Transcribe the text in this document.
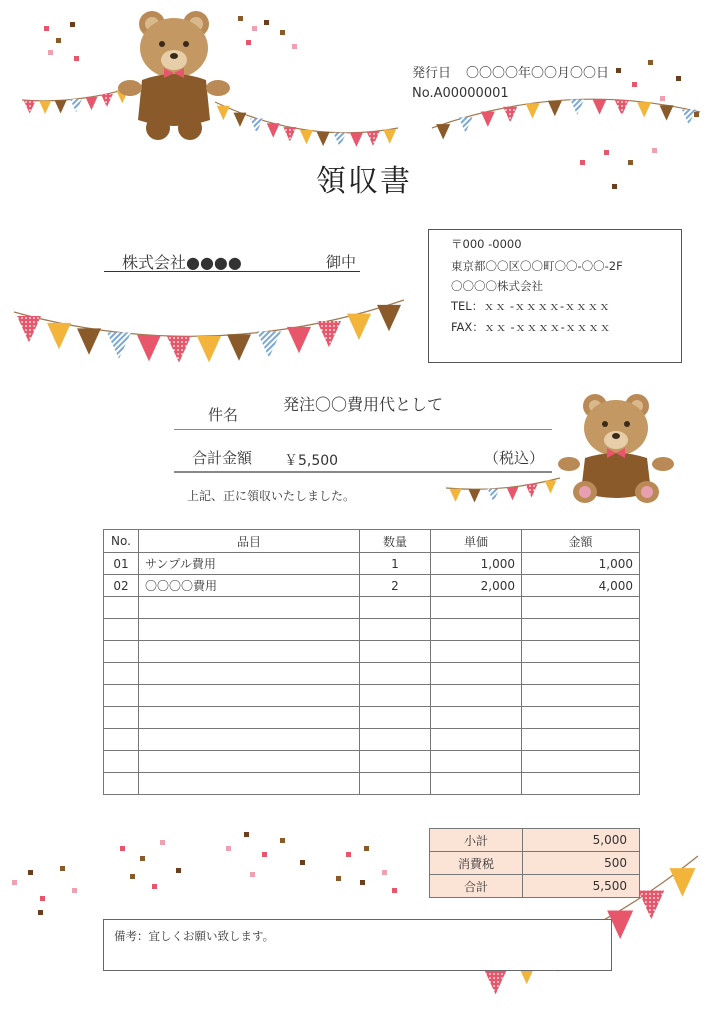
領収書
発行日 〇〇〇〇年〇〇月〇〇日
No.A00000001
株式会社●●●●	御中
〒000 -0000
東京都〇〇区〇〇町〇〇-〇〇-2F
〇〇〇〇株式会社
TEL：ｘｘ -ｘｘｘｘ-ｘｘｘｘ
FAX：ｘｘ -ｘｘｘｘ-ｘｘｘｘ
件名
発注〇〇費用代として
合計金額 ￥5,500	（税込）
上記、正に領収いたしました。
No.	品目	数量	単価	金額
01	サンプル費用	1	1,000	1,000
02	〇〇〇〇費用	2	2,000	4,000

小計	5,000
消費税	500
合計	5,500
備考：宜しくお願い致します。
